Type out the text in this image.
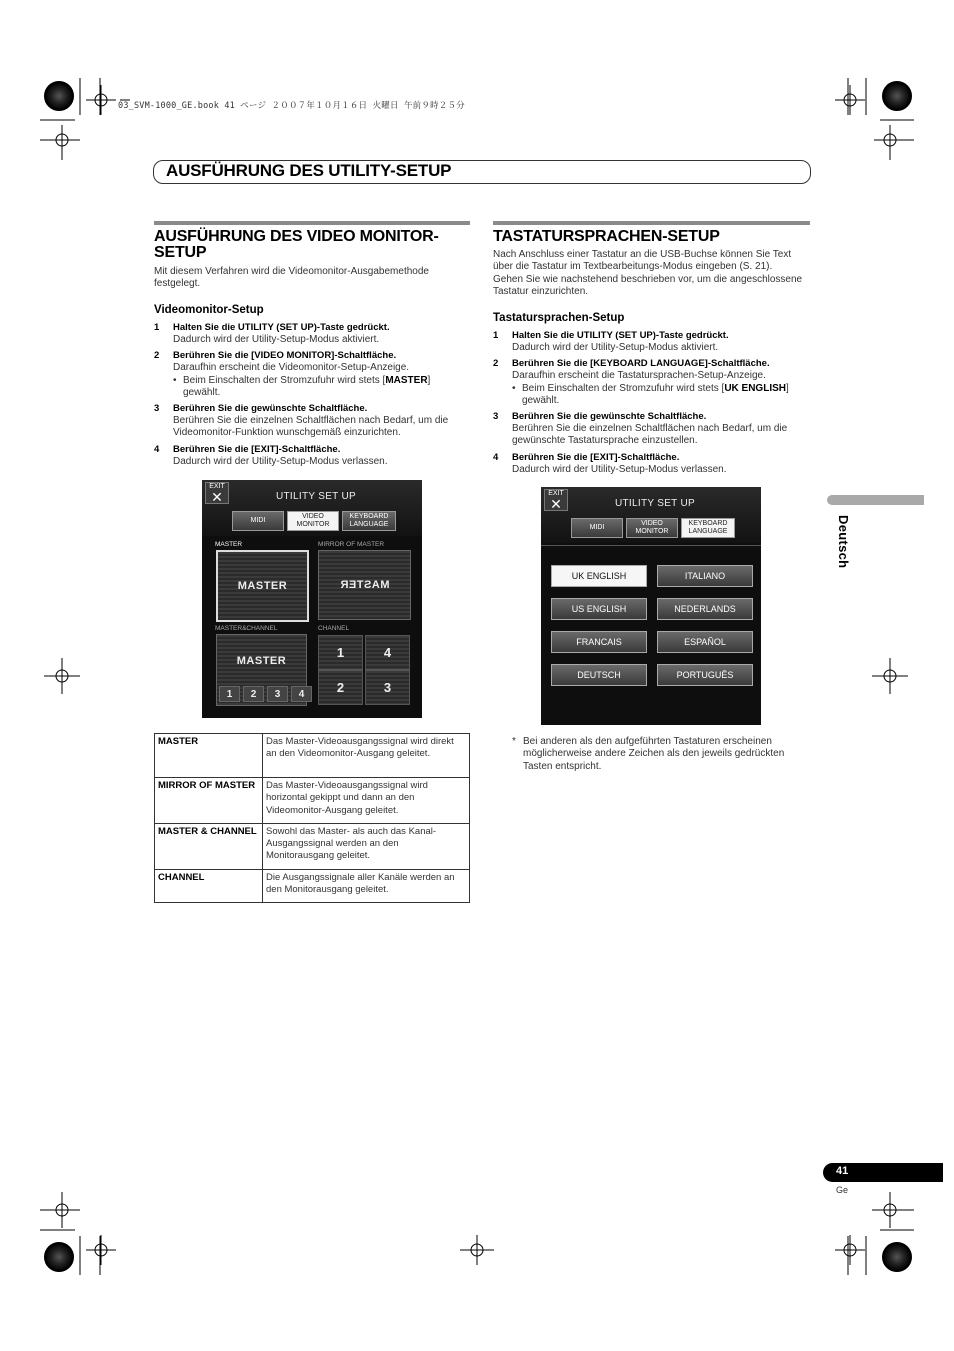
03_SVM-1000_GE.book 41 ページ ２００７年１０月１６日 火曜日 午前９時２５分
AUSFÜHRUNG DES UTILITY-SETUP
AUSFÜHRUNG DES VIDEO MONITOR-SETUP
Mit diesem Verfahren wird die Videomonitor-Ausgabemethode festgelegt.
Videomonitor-Setup
1 Halten Sie die UTILITY (SET UP)-Taste gedrückt.
Dadurch wird der Utility-Setup-Modus aktiviert.
2 Berühren Sie die [VIDEO MONITOR]-Schaltfläche.
Daraufhin erscheint die Videomonitor-Setup-Anzeige.
• Beim Einschalten der Stromzufuhr wird stets [MASTER] gewählt.
3 Berühren Sie die gewünschte Schaltfläche.
Berühren Sie die einzelnen Schaltflächen nach Bedarf, um die Videomonitor-Funktion wunschgemäß einzurichten.
4 Berühren Sie die [EXIT]-Schaltfläche.
Dadurch wird der Utility-Setup-Modus verlassen.
EXIT
✕	UTILITY SET UP
MIDI
VIDEO MONITOR
KEYBOARD LANGUAGE
MASTER	MIRROR OF MASTER
MASTER	MASTER
MASTER&CHANNEL	CHANNEL
MASTER
1	2	3	4
1	4
2	3
MASTER	Das Master-Videoausgangssignal wird direkt an den Videomonitor-Ausgang geleitet.
MIRROR OF MASTER	Das Master-Videoausgangssignal wird horizontal gekippt und dann an den Videomonitor-Ausgang geleitet.
MASTER & CHANNEL	Sowohl das Master- als auch das Kanal-Ausgangssignal werden an den Monitorausgang geleitet.
CHANNEL	Die Ausgangssignale aller Kanäle werden an den Monitorausgang geleitet.
TASTATURSPRACHEN-SETUP
Nach Anschluss einer Tastatur an die USB-Buchse können Sie Text über die Tastatur im Textbearbeitungs-Modus eingeben (S. 21). Gehen Sie wie nachstehend beschrieben vor, um die angeschlossene Tastatur einzurichten.
Tastatursprachen-Setup
1 Halten Sie die UTILITY (SET UP)-Taste gedrückt.
Dadurch wird der Utility-Setup-Modus aktiviert.
2 Berühren Sie die [KEYBOARD LANGUAGE]-Schaltfläche.
Daraufhin erscheint die Tastatursprachen-Setup-Anzeige.
• Beim Einschalten der Stromzufuhr wird stets [UK ENGLISH] gewählt.
3 Berühren Sie die gewünschte Schaltfläche.
Berühren Sie die einzelnen Schaltflächen nach Bedarf, um die gewünschte Tastatursprache einzustellen.
4 Berühren Sie die [EXIT]-Schaltfläche.
Dadurch wird der Utility-Setup-Modus verlassen.
EXIT
✕	UTILITY SET UP
MIDI
VIDEO MONITOR
KEYBOARD LANGUAGE
UK ENGLISH	ITALIANO
US ENGLISH	NEDERLANDS
FRANCAIS	ESPAÑOL
DEUTSCH	PORTUGUÊS
* Bei anderen als den aufgeführten Tastaturen erscheinen möglicherweise andere Zeichen als den jeweils gedrückten Tasten entspricht.
Deutsch
41
Ge
